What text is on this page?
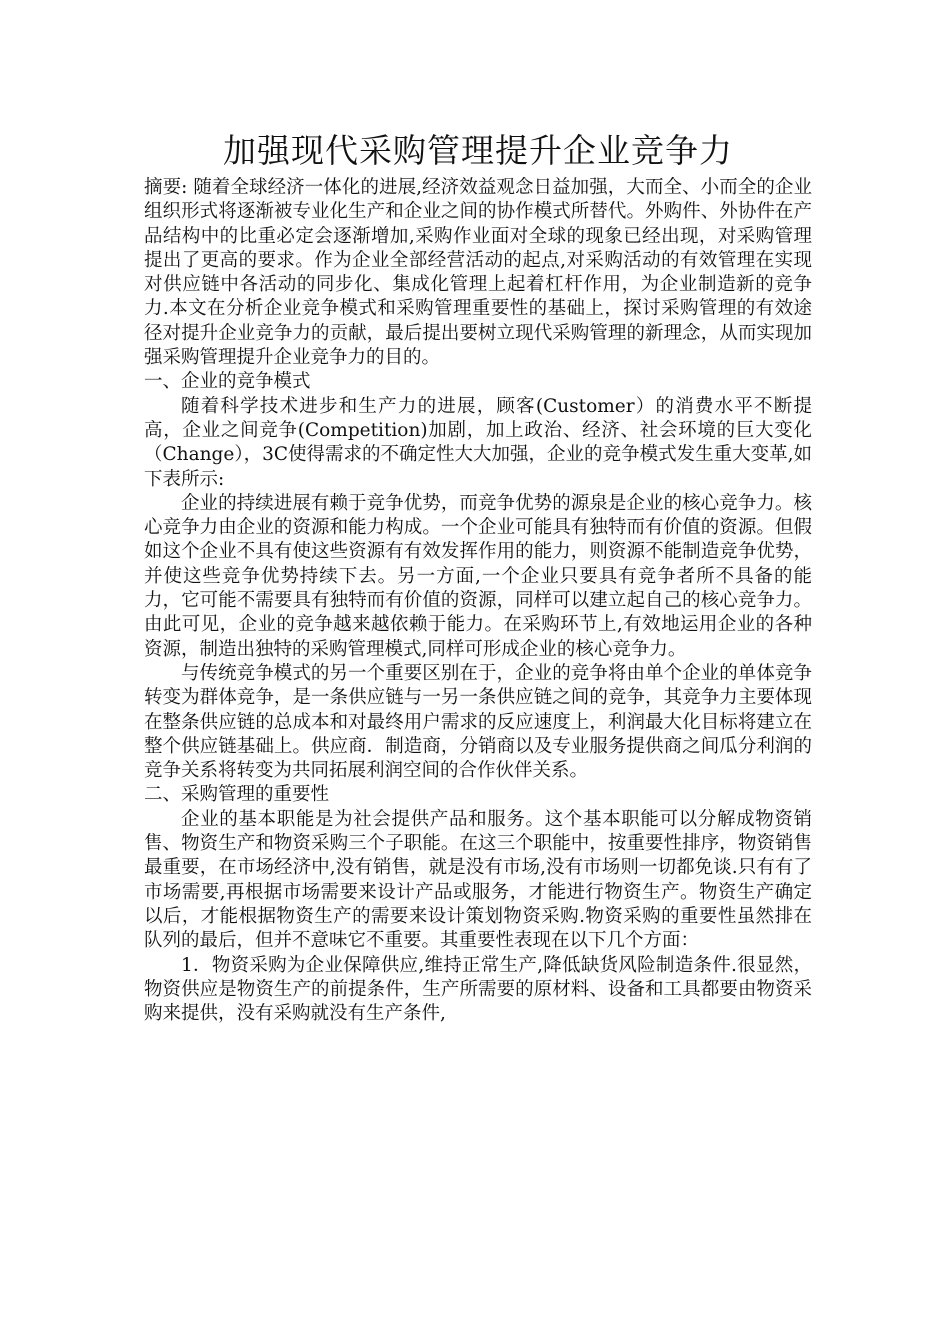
加强现代采购管理提升企业竞争力

摘要: 随着全球经济一体化的进展,经济效益观念日益加强，大而全、小而全的企业组织形式将逐渐被专业化生产和企业之间的协作模式所替代。外购件、外协件在产品结构中的比重必定会逐渐增加,采购作业面对全球的现象已经出现，对采购管理提出了更高的要求。作为企业全部经营活动的起点,对采购活动的有效管理在实现对供应链中各活动的同步化、集成化管理上起着杠杆作用，为企业制造新的竞争力.本文在分析企业竞争模式和采购管理重要性的基础上，探讨采购管理的有效途径对提升企业竞争力的贡献，最后提出要树立现代采购管理的新理念，从而实现加强采购管理提升企业竞争力的目的。

一、企业的竞争模式

随着科学技术进步和生产力的进展，顾客(Customer）的消费水平不断提高，企业之间竞争(Competition)加剧，加上政治、经济、社会环境的巨大变化（Change），3C使得需求的不确定性大大加强，企业的竞争模式发生重大变革,如下表所示:

企业的持续进展有赖于竞争优势，而竞争优势的源泉是企业的核心竞争力。核心竞争力由企业的资源和能力构成。一个企业可能具有独特而有价值的资源。但假如这个企业不具有使这些资源有有效发挥作用的能力，则资源不能制造竞争优势，并使这些竞争优势持续下去。另一方面,一个企业只要具有竞争者所不具备的能力，它可能不需要具有独特而有价值的资源，同样可以建立起自己的核心竞争力。由此可见，企业的竞争越来越依赖于能力。在采购环节上,有效地运用企业的各种资源，制造出独特的采购管理模式,同样可形成企业的核心竞争力。

与传统竞争模式的另一个重要区别在于，企业的竞争将由单个企业的单体竞争转变为群体竞争，是一条供应链与一另一条供应链之间的竞争，其竞争力主要体现在整条供应链的总成本和对最终用户需求的反应速度上，利润最大化目标将建立在整个供应链基础上。供应商．制造商，分销商以及专业服务提供商之间瓜分利润的竞争关系将转变为共同拓展利润空间的合作伙伴关系。

二、采购管理的重要性

企业的基本职能是为社会提供产品和服务。这个基本职能可以分解成物资销售、物资生产和物资采购三个子职能。在这三个职能中，按重要性排序，物资销售最重要，在市场经济中,没有销售，就是没有市场,没有市场则一切都免谈.只有有了市场需要,再根据市场需要来设计产品或服务，才能进行物资生产。物资生产确定以后，才能根据物资生产的需要来设计策划物资采购.物资采购的重要性虽然排在队列的最后，但并不意味它不重要。其重要性表现在以下几个方面：

1．物资采购为企业保障供应,维持正常生产,降低缺货风险制造条件.很显然，物资供应是物资生产的前提条件，生产所需要的原材料、设备和工具都要由物资采购来提供，没有采购就没有生产条件,
